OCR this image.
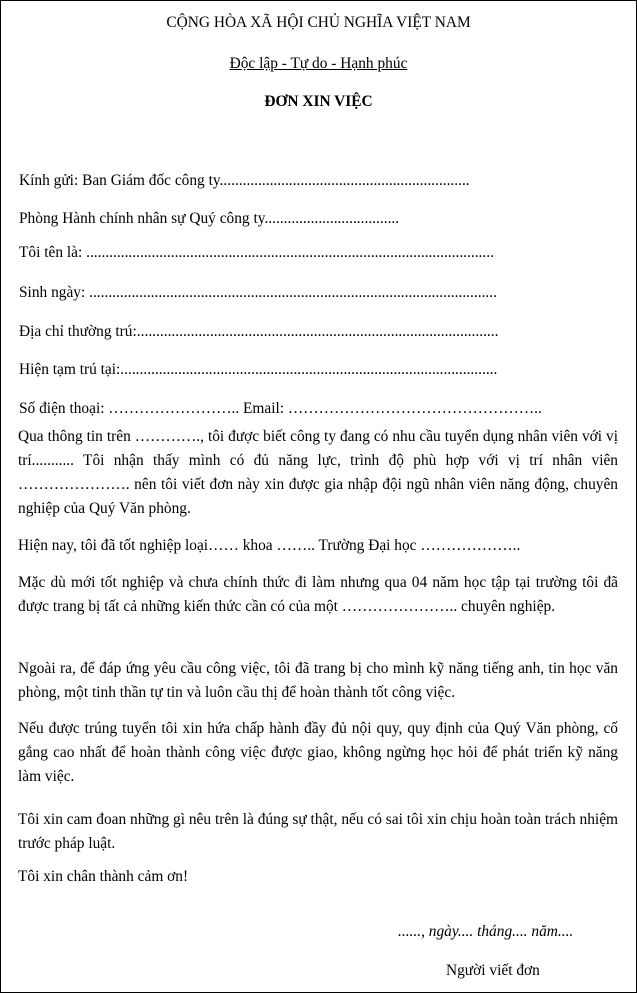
CỘNG HÒA XÃ HỘI CHỦ NGHĨA VIỆT NAM
Độc lập - Tự do - Hạnh phúc
ĐƠN XIN VIỆC
Kính gửi: Ban Giám đốc công ty.................................................................
Phòng Hành chính nhân sự Quý công ty...................................
Tôi tên là: ..........................................................................................................
Sinh ngày: ..........................................................................................................
Địa chỉ thường trú:..............................................................................................
Hiện tạm trú tại:..................................................................................................
Số điện thoại: …………………….. Email: …………………………………………..
Qua thông tin trên …………., tôi được biết công ty đang có nhu cầu tuyển dụng nhân viên với vị trí........... Tôi nhận thấy mình có đủ năng lực, trình độ phù hợp với vị trí nhân viên …………………. nên tôi viết đơn này xin được gia nhập đội ngũ nhân viên năng động, chuyên nghiệp của Quý Văn phòng.
Hiện nay, tôi đã tốt nghiệp loại…… khoa …….. Trường Đại học ………………..
Mặc dù mới tốt nghiệp và chưa chính thức đi làm nhưng qua 04 năm học tập tại trường tôi đã được trang bị tất cả những kiến thức cần có của một ………………….. chuyên nghiệp.
Ngoài ra, để đáp ứng yêu cầu công việc, tôi đã trang bị cho mình kỹ năng tiếng anh, tin học văn phòng, một tinh thần tự tin và luôn cầu thị để hoàn thành tốt công việc.
Nếu được trúng tuyển tôi xin hứa chấp hành đầy đủ nội quy, quy định của Quý Văn phòng, cố gắng cao nhất để hoàn thành công việc được giao, không ngừng học hỏi để phát triển kỹ năng làm việc.
Tôi xin cam đoan những gì nêu trên là đúng sự thật, nếu có sai tôi xin chịu hoàn toàn trách nhiệm trước pháp luật.
Tôi xin chân thành cảm ơn!
......, ngày.... tháng.... năm....
Người viết đơn
